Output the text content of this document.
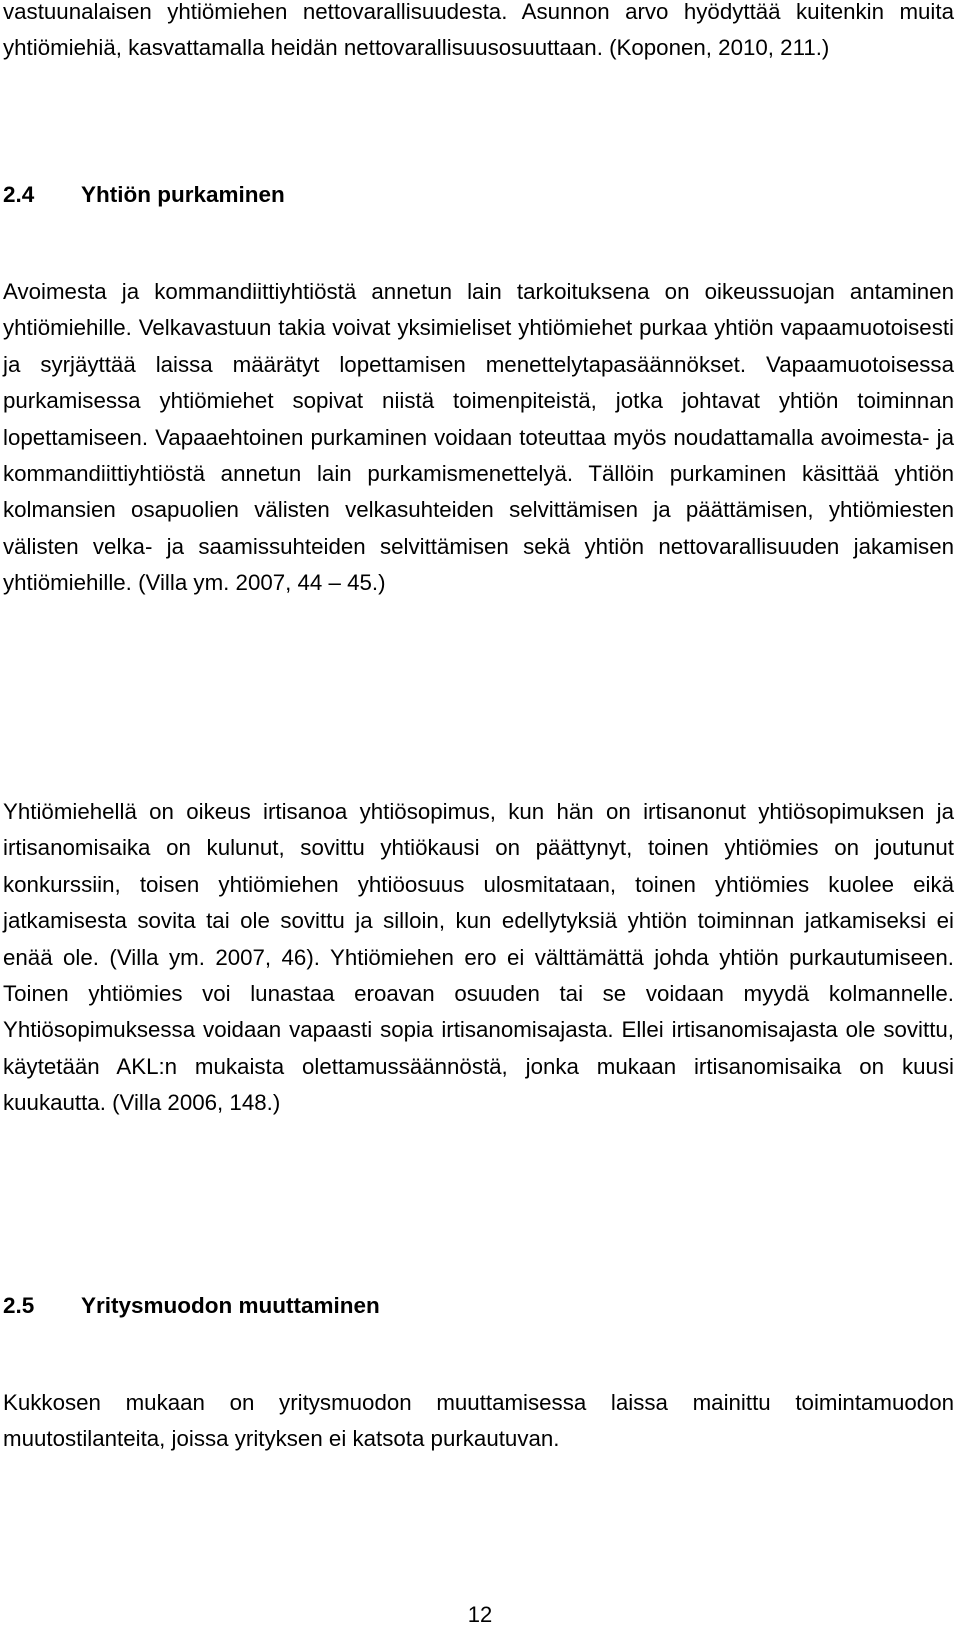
vastuunalaisen yhtiömiehen nettovarallisuudesta. Asunnon arvo hyödyttää kuitenkin muita yhtiömiehiä, kasvattamalla heidän nettovarallisuusosuuttaan. (Koponen, 2010, 211.)

2.4	Yhtiön purkaminen

Avoimesta ja kommandiittiyhtiöstä annetun lain tarkoituksena on oikeussuojan antaminen yhtiömiehille. Velkavastuun takia voivat yksimieliset yhtiömiehet purkaa yhtiön vapaamuotoisesti ja syrjäyttää laissa määrätyt lopettamisen menettelytapasäännökset. Vapaamuotoisessa purkamisessa yhtiömiehet sopivat niistä toimenpiteistä, jotka johtavat yhtiön toiminnan lopettamiseen. Vapaaehtoinen purkaminen voidaan toteuttaa myös noudattamalla avoimesta- ja kommandiittiyhtiöstä annetun lain purkamismenettelyä. Tällöin purkaminen käsittää yhtiön kolmansien osapuolien välisten velkasuhteiden selvittämisen ja päättämisen, yhtiömiesten välisten velka- ja saamissuhteiden selvittämisen sekä yhtiön nettovarallisuuden jakamisen yhtiömiehille. (Villa ym. 2007, 44 – 45.)

Yhtiömiehellä on oikeus irtisanoa yhtiösopimus, kun hän on irtisanonut yhtiösopimuksen ja irtisanomisaika on kulunut, sovittu yhtiökausi on päättynyt, toinen yhtiömies on joutunut konkurssiin, toisen yhtiömiehen yhtiöosuus ulosmitataan, toinen yhtiömies kuolee eikä jatkamisesta sovita tai ole sovittu ja silloin, kun edellytyksiä yhtiön toiminnan jatkamiseksi ei enää ole. (Villa ym. 2007, 46). Yhtiömiehen ero ei välttämättä johda yhtiön purkautumiseen. Toinen yhtiömies voi lunastaa eroavan osuuden tai se voidaan myydä kolmannelle. Yhtiösopimuksessa voidaan vapaasti sopia irtisanomisajasta. Ellei irtisanomisajasta ole sovittu, käytetään AKL:n mukaista olettamussäännöstä, jonka mukaan irtisanomisaika on kuusi kuukautta. (Villa 2006, 148.)

2.5	Yritysmuodon muuttaminen

Kukkosen mukaan on yritysmuodon muuttamisessa laissa mainittu toimintamuodon muutostilanteita, joissa yrityksen ei katsota purkautuvan.

12
